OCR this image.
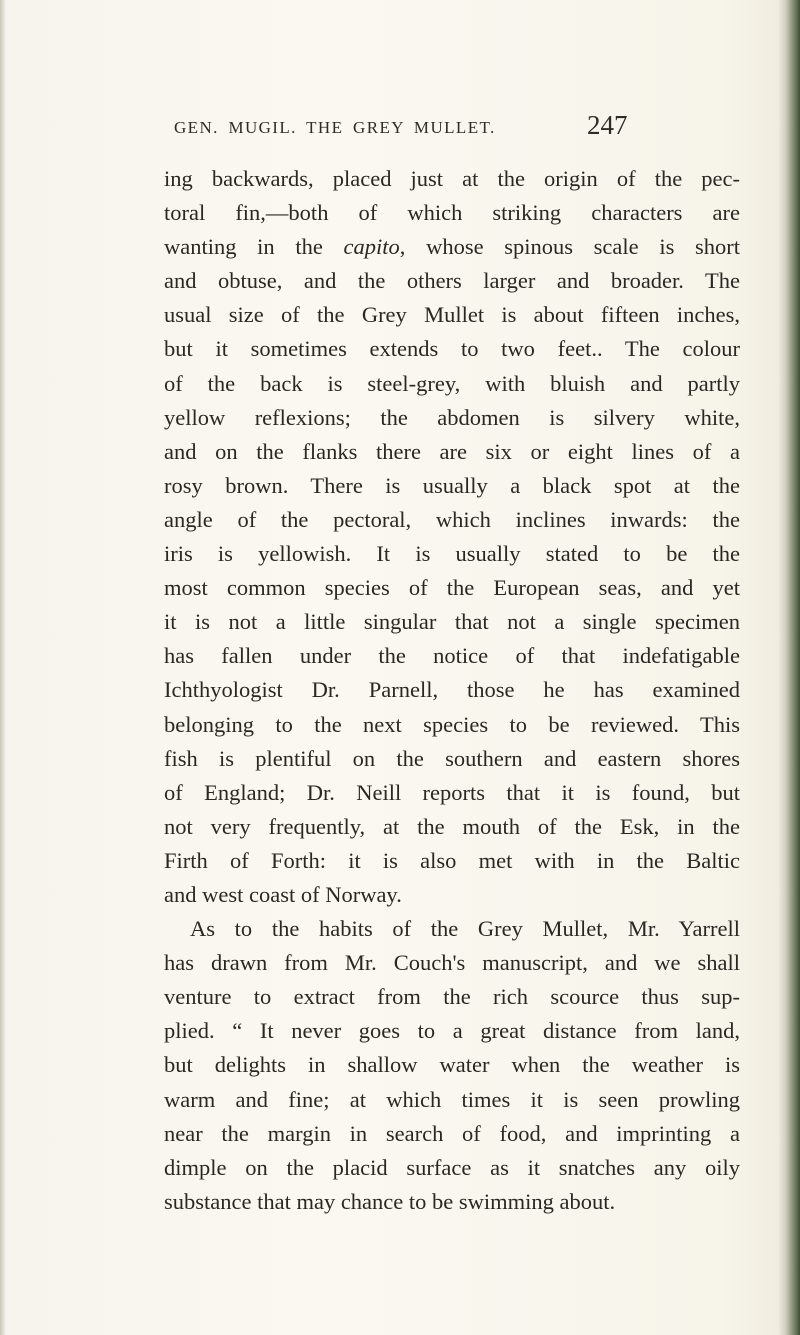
GEN. MUGIL. THE GREY MULLET.	247
ing backwards, placed just at the origin of the pec-
toral fin,—both of which striking characters are
wanting in the capito, whose spinous scale is short
and obtuse, and the others larger and broader. The
usual size of the Grey Mullet is about fifteen inches,
but it sometimes extends to two feet.. The colour
of the back is steel-grey, with bluish and partly
yellow reflexions; the abdomen is silvery white,
and on the flanks there are six or eight lines of a
rosy brown. There is usually a black spot at the
angle of the pectoral, which inclines inwards: the
iris is yellowish. It is usually stated to be the
most common species of the European seas, and yet
it is not a little singular that not a single specimen
has fallen under the notice of that indefatigable
Ichthyologist Dr. Parnell, those he has examined
belonging to the next species to be reviewed. This
fish is plentiful on the southern and eastern shores
of England; Dr. Neill reports that it is found, but
not very frequently, at the mouth of the Esk, in the
Firth of Forth: it is also met with in the Baltic
and west coast of Norway.
As to the habits of the Grey Mullet, Mr. Yarrell
has drawn from Mr. Couch's manuscript, and we shall
venture to extract from the rich scource thus sup-
plied. “ It never goes to a great distance from land,
but delights in shallow water when the weather is
warm and fine; at which times it is seen prowling
near the margin in search of food, and imprinting a
dimple on the placid surface as it snatches any oily
substance that may chance to be swimming about.
